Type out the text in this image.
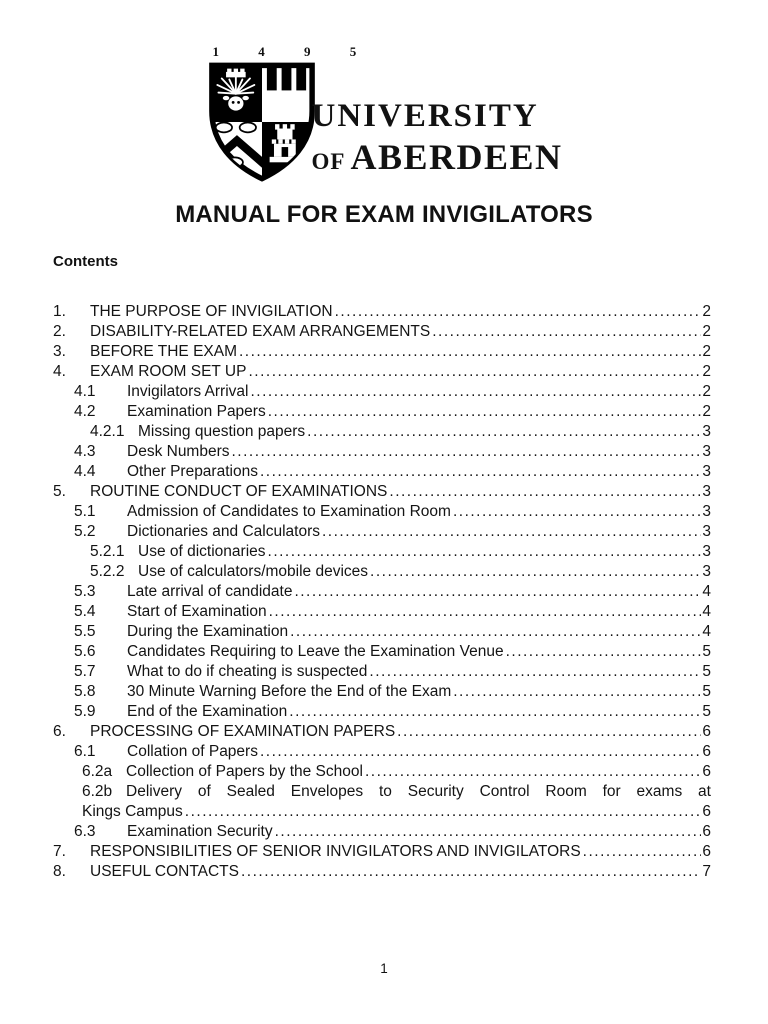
1 4 9 5
UNIVERSITY
OF ABERDEEN
MANUAL FOR EXAM INVIGILATORS
Contents
1.	THE PURPOSE OF INVIGILATION .....	2
2.	DISABILITY-RELATED EXAM ARRANGEMENTS .....	2
3.	BEFORE THE EXAM .....	2
4.	EXAM ROOM SET UP .....	2
4.1	Invigilators Arrival .....	2
4.2	Examination Papers .....	2
4.2.1 Missing question papers .....	3
4.3	Desk Numbers .....	3
4.4	Other Preparations .....	3
5.	ROUTINE CONDUCT OF EXAMINATIONS .....	3
5.1	Admission of Candidates to Examination Room .....	3
5.2	Dictionaries and Calculators .....	3
5.2.1 Use of dictionaries .....	3
5.2.2 Use of calculators/mobile devices .....	3
5.3	Late arrival of candidate .....	4
5.4	Start of Examination .....	4
5.5	During the Examination .....	4
5.6	Candidates Requiring to Leave the Examination Venue .....	5
5.7	What to do if cheating is suspected .....	5
5.8	30 Minute Warning Before the End of the Exam .....	5
5.9	End of the Examination .....	5
6.	PROCESSING OF EXAMINATION PAPERS .....	6
6.1	Collation of Papers .....	6
6.2a Collection of Papers by the School .....	6
6.2b Delivery of Sealed Envelopes to Security Control Room for exams at
Kings Campus .....	6
6.3	Examination Security .....	6
7.	RESPONSIBILITIES OF SENIOR INVIGILATORS AND INVIGILATORS .....	6
8.	USEFUL CONTACTS .....	7
1
